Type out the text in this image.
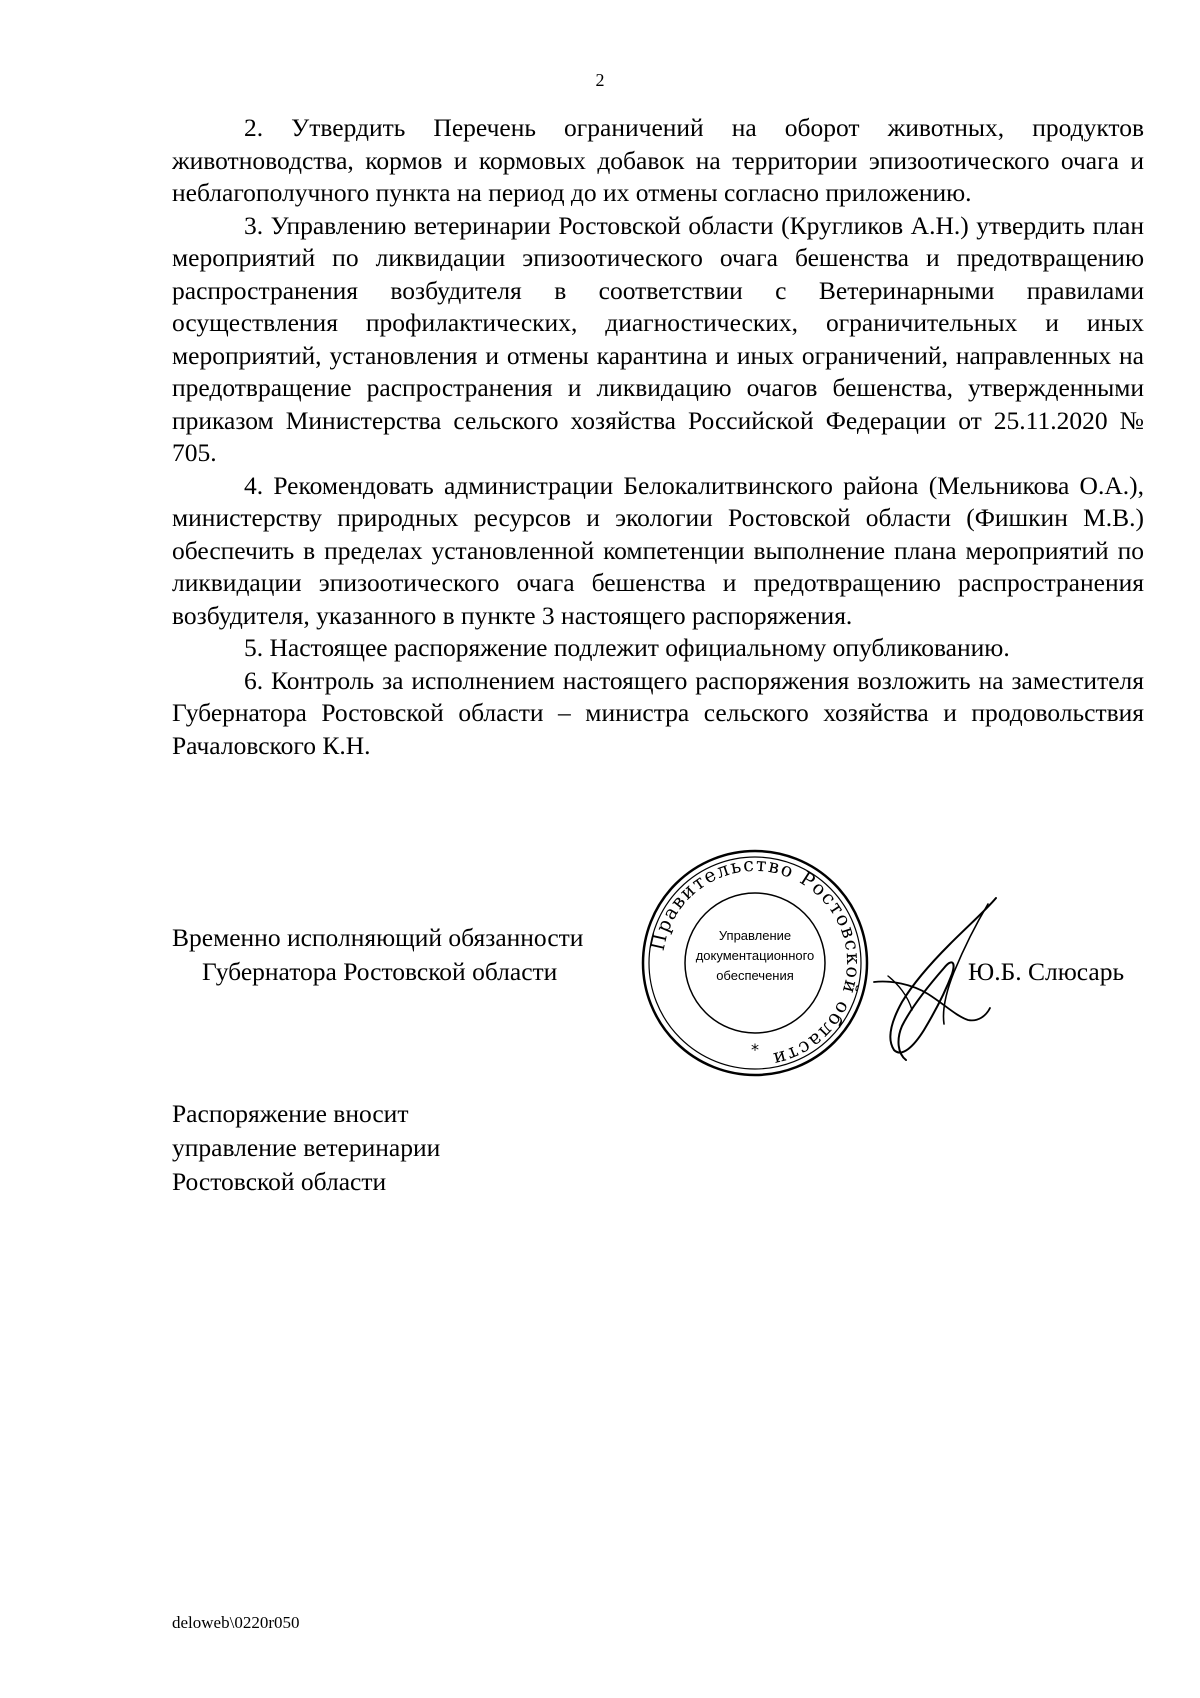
2

2. Утвердить Перечень ограничений на оборот животных, продуктов животноводства, кормов и кормовых добавок на территории эпизоотического очага и неблагополучного пункта на период до их отмены согласно приложению.

3. Управлению ветеринарии Ростовской области (Кругликов А.Н.) утвердить план мероприятий по ликвидации эпизоотического очага бешенства и предотвращению распространения возбудителя в соответствии с Ветеринарными правилами осуществления профилактических, диагностических, ограничительных и иных мероприятий, установления и отмены карантина и иных ограничений, направленных на предотвращение распространения и ликвидацию очагов бешенства, утвержденными приказом Министерства сельского хозяйства Российской Федерации от 25.11.2020 № 705.

4. Рекомендовать администрации Белокалитвинского района (Мельникова О.А.), министерству природных ресурсов и экологии Ростовской области (Фишкин М.В.) обеспечить в пределах установленной компетенции выполнение плана мероприятий по ликвидации эпизоотического очага бешенства и предотвращению распространения возбудителя, указанного в пункте 3 настоящего распоряжения.

5. Настоящее распоряжение подлежит официальному опубликованию.

6. Контроль за исполнением настоящего распоряжения возложить на заместителя Губернатора Ростовской области – министра сельского хозяйства и продовольствия Рачаловского К.Н.

Временно исполняющий обязанности
Губернатора Ростовской области
Правительство Ростовской области
Управление
документационного
обеспечения
*
Ю.Б. Слюсарь
Распоряжение вносит
управление ветеринарии
Ростовской области
deloweb\0220r050
